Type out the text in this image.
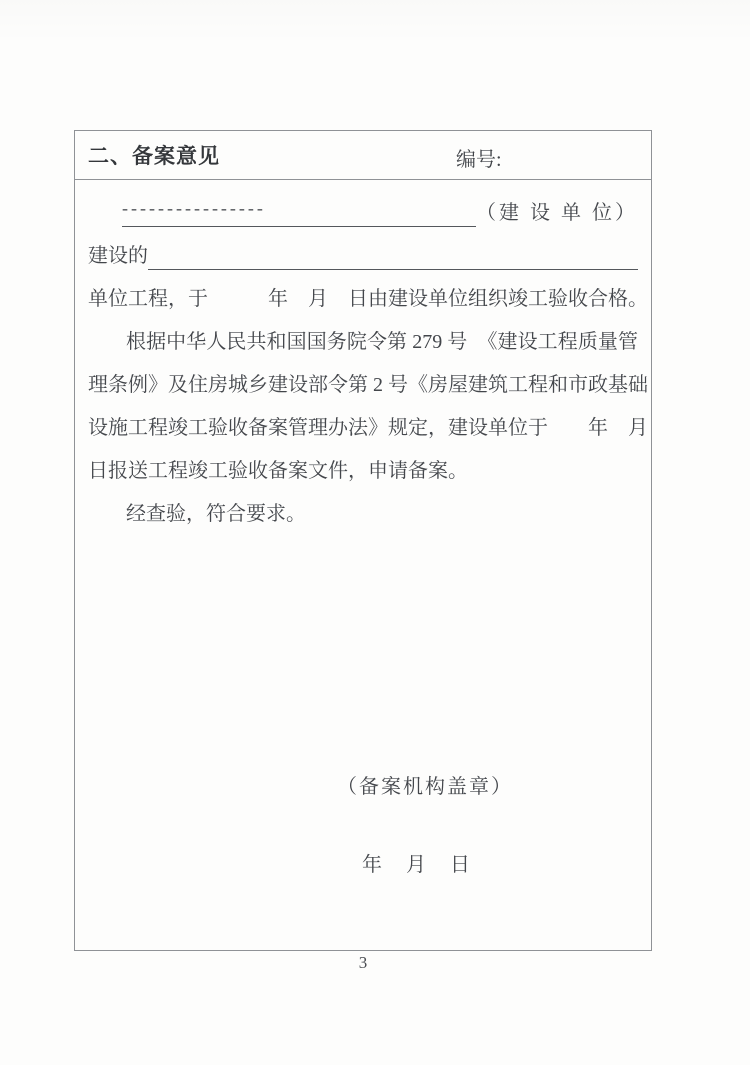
二、备案意见	编号:
----------------	（建 设 单 位）
建设的
单位工程，于　　　年　月　日由建设单位组织竣工验收合格。
根据中华人民共和国国务院令第 279 号　《建设工程质量管
理条例》及住房城乡建设部令第 2 号《房屋建筑工程和市政基础
设施工程竣工验收备案管理办法》规定，建设单位于　　年　月
日报送工程竣工验收备案文件，申请备案。
经查验，符合要求。
（备案机构盖章）
年　月　日
3
